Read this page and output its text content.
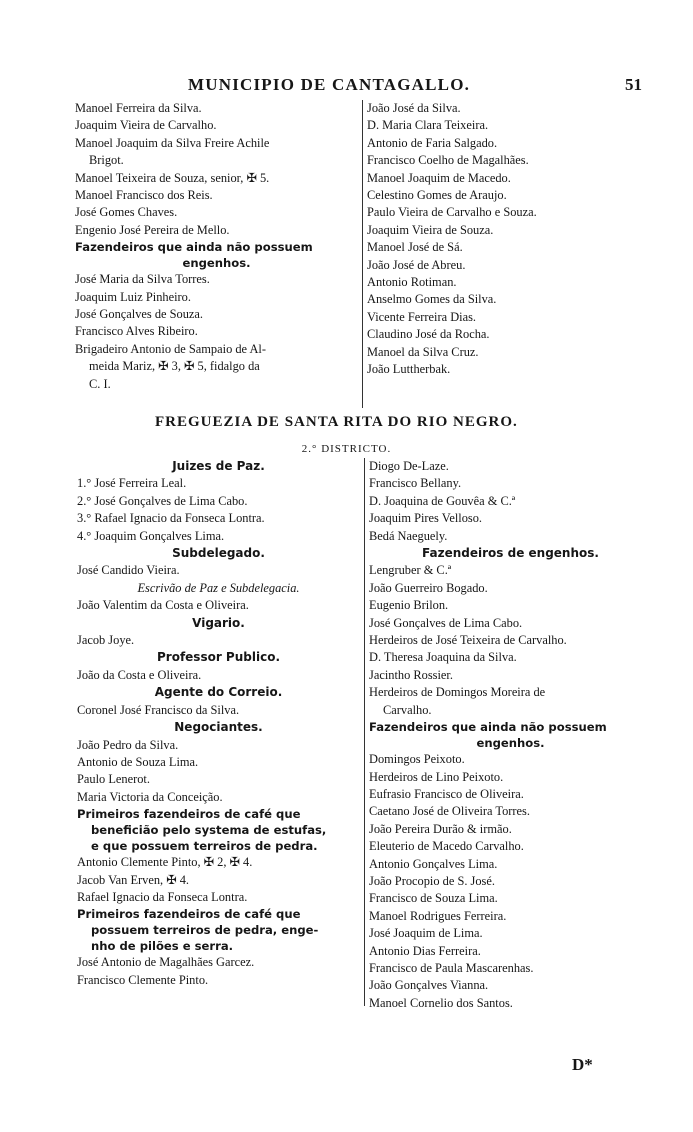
MUNICIPIO DE CANTAGALLO.	51
Manoel Ferreira da Silva.
Joaquim Vieira de Carvalho.
Manoel Joaquim da Silva Freire Achile
Brigot.
Manoel Teixeira de Souza, senior, ✠ 5.
Manoel Francisco dos Reis.
José Gomes Chaves.
Engenio José Pereira de Mello.
Fazendeiros que ainda não possuem
engenhos.
José Maria da Silva Torres.
Joaquim Luiz Pinheiro.
José Gonçalves de Souza.
Francisco Alves Ribeiro.
Brigadeiro Antonio de Sampaio de Al-
meida Mariz, ✠ 3, ✠ 5, fidalgo da
C. I.
João José da Silva.
D. Maria Clara Teixeira.
Antonio de Faria Salgado.
Francisco Coelho de Magalhães.
Manoel Joaquim de Macedo.
Celestino Gomes de Araujo.
Paulo Vieira de Carvalho e Souza.
Joaquim Vieira de Souza.
Manoel José de Sá.
João José de Abreu.
Antonio Rotiman.
Anselmo Gomes da Silva.
Vicente Ferreira Dias.
Claudino José da Rocha.
Manoel da Silva Cruz.
João Luttherbak.
FREGUEZIA DE SANTA RITA DO RIO NEGRO.
2.° DISTRICTO.
Juizes de Paz.
1.° José Ferreira Leal.
2.° José Gonçalves de Lima Cabo.
3.° Rafael Ignacio da Fonseca Lontra.
4.° Joaquim Gonçalves Lima.
Subdelegado.
José Candido Vieira.
Escrivão de Paz e Subdelegacia.
João Valentim da Costa e Oliveira.
Vigario.
Jacob Joye.
Professor Publico.
João da Costa e Oliveira.
Agente do Correio.
Coronel José Francisco da Silva.
Negociantes.
João Pedro da Silva.
Antonio de Souza Lima.
Paulo Lenerot.
Maria Victoria da Conceição.
Primeiros fazendeiros de café que
beneficião pelo systema de estufas,
e que possuem terreiros de pedra.
Antonio Clemente Pinto, ✠ 2, ✠ 4.
Jacob Van Erven, ✠ 4.
Rafael Ignacio da Fonseca Lontra.
Primeiros fazendeiros de café que
possuem terreiros de pedra, enge-
nho de pilões e serra.
José Antonio de Magalhães Garcez.
Francisco Clemente Pinto.
Diogo De-Laze.
Francisco Bellany.
D. Joaquina de Gouvêa & C.ª
Joaquim Pires Velloso.
Bedá Naeguely.
Fazendeiros de engenhos.
Lengruber & C.ª
João Guerreiro Bogado.
Eugenio Brilon.
José Gonçalves de Lima Cabo.
Herdeiros de José Teixeira de Carvalho.
D. Theresa Joaquina da Silva.
Jacintho Rossier.
Herdeiros de Domingos Moreira de
Carvalho.
Fazendeiros que ainda não possuem
engenhos.
Domingos Peixoto.
Herdeiros de Lino Peixoto.
Eufrasio Francisco de Oliveira.
Caetano José de Oliveira Torres.
João Pereira Durão & irmão.
Eleuterio de Macedo Carvalho.
Antonio Gonçalves Lima.
João Procopio de S. José.
Francisco de Souza Lima.
Manoel Rodrigues Ferreira.
José Joaquim de Lima.
Antonio Dias Ferreira.
Francisco de Paula Mascarenhas.
João Gonçalves Vianna.
Manoel Cornelio dos Santos.
D*
